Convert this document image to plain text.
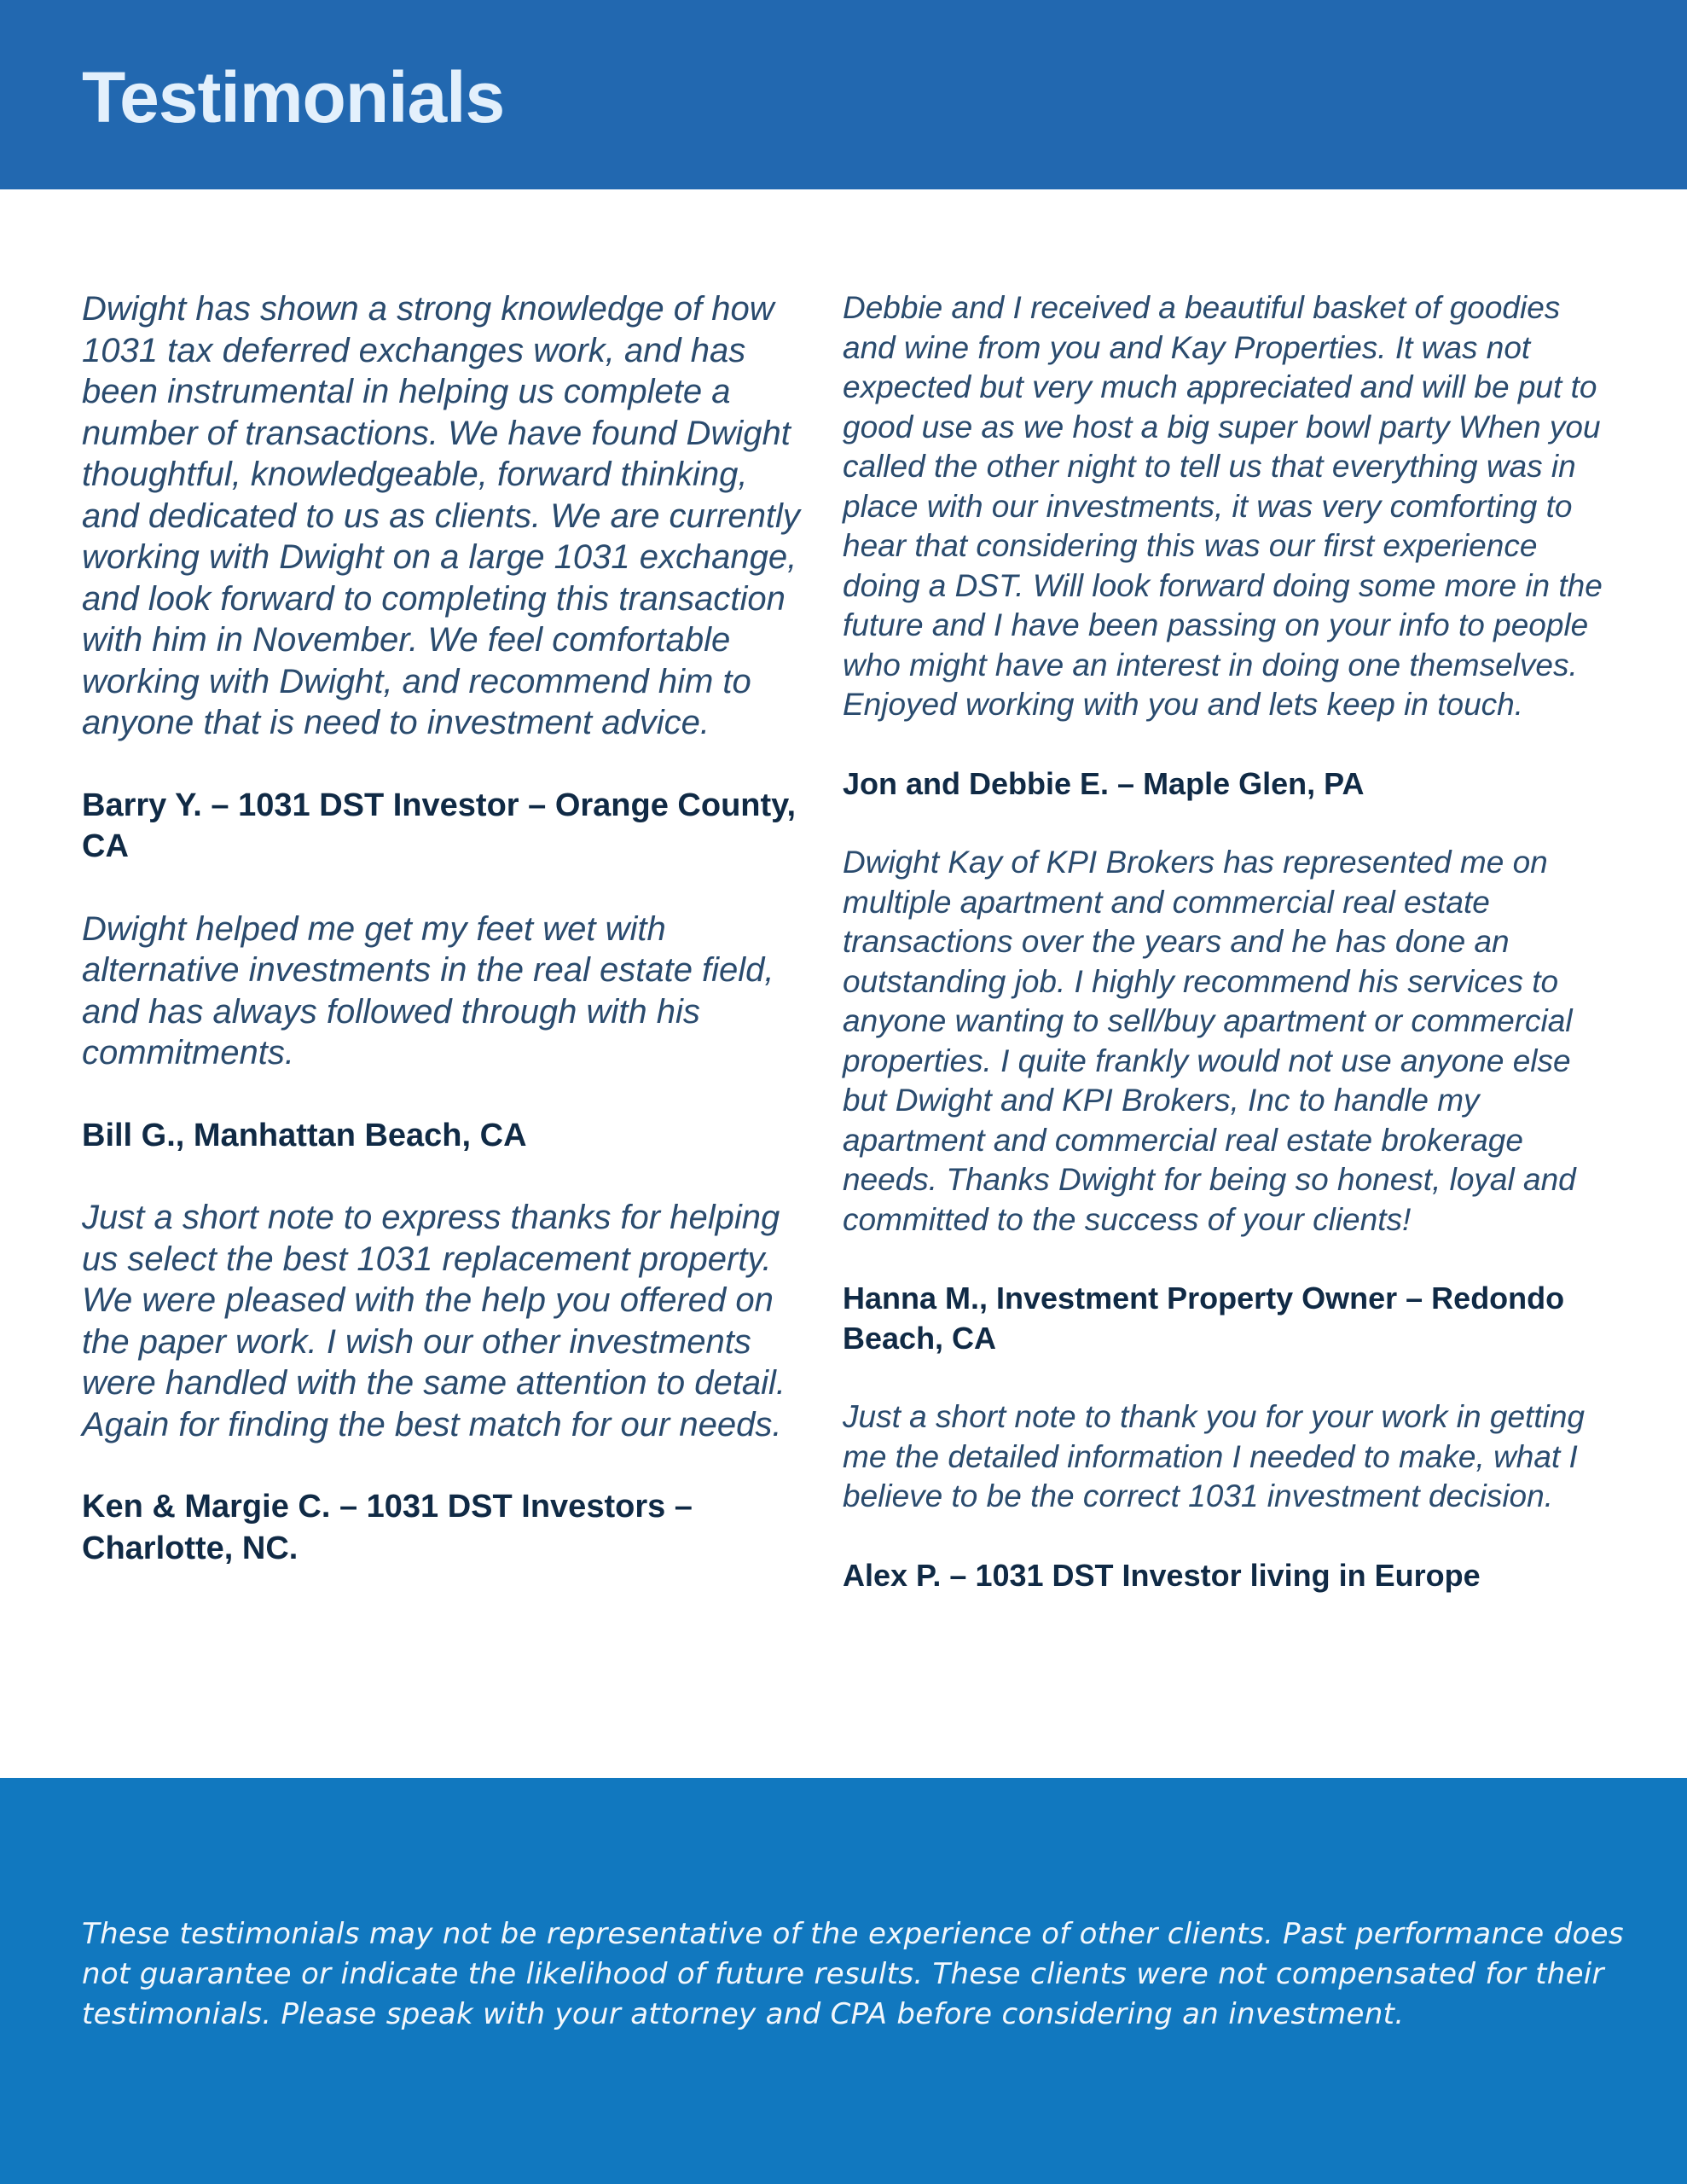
Testimonials

Dwight has shown a strong knowledge of how 1031 tax deferred exchanges work, and has been instrumental in helping us complete a number of transactions. We have found Dwight thoughtful, knowledgeable, forward thinking, and dedicated to us as clients. We are currently working with Dwight on a large 1031 exchange, and look forward to completing this transaction with him in November. We feel comfortable working with Dwight, and recommend him to anyone that is need to investment advice.

Barry Y. – 1031 DST Investor – Orange County, CA

Dwight helped me get my feet wet with alternative investments in the real estate field, and has always followed through with his commitments.

Bill G., Manhattan Beach, CA

Just a short note to express thanks for helping us select the best 1031 replacement property. We were pleased with the help you offered on the paper work. I wish our other investments were handled with the same attention to detail. Again for finding the best match for our needs.

Ken & Margie C. – 1031 DST Investors – Charlotte, NC.

Debbie and I received a beautiful basket of goodies and wine from you and Kay Properties. It was not expected but very much appreciated and will be put to good use as we host a big super bowl party When you called the other night to tell us that everything was in place with our investments, it was very comforting to hear that considering this was our first experience doing a DST. Will look forward doing some more in the future and I have been passing on your info to people who might have an interest in doing one themselves. Enjoyed working with you and lets keep in touch.

Jon and Debbie E. – Maple Glen, PA

Dwight Kay of KPI Brokers has represented me on multiple apartment and commercial real estate transactions over the years and he has done an outstanding job. I highly recommend his services to anyone wanting to sell/buy apartment or commercial properties. I quite frankly would not use anyone else but Dwight and KPI Brokers, Inc to handle my apartment and commercial real estate brokerage needs. Thanks Dwight for being so honest, loyal and committed to the success of your clients!

Hanna M., Investment Property Owner – Redondo Beach, CA

Just a short note to thank you for your work in getting me the detailed information I needed to make, what I believe to be the correct 1031 investment decision.

Alex P. – 1031 DST Investor living in Europe

These testimonials may not be representative of the experience of other clients. Past performance does not guarantee or indicate the likelihood of future results. These clients were not compensated for their testimonials. Please speak with your attorney and CPA before considering an investment.
